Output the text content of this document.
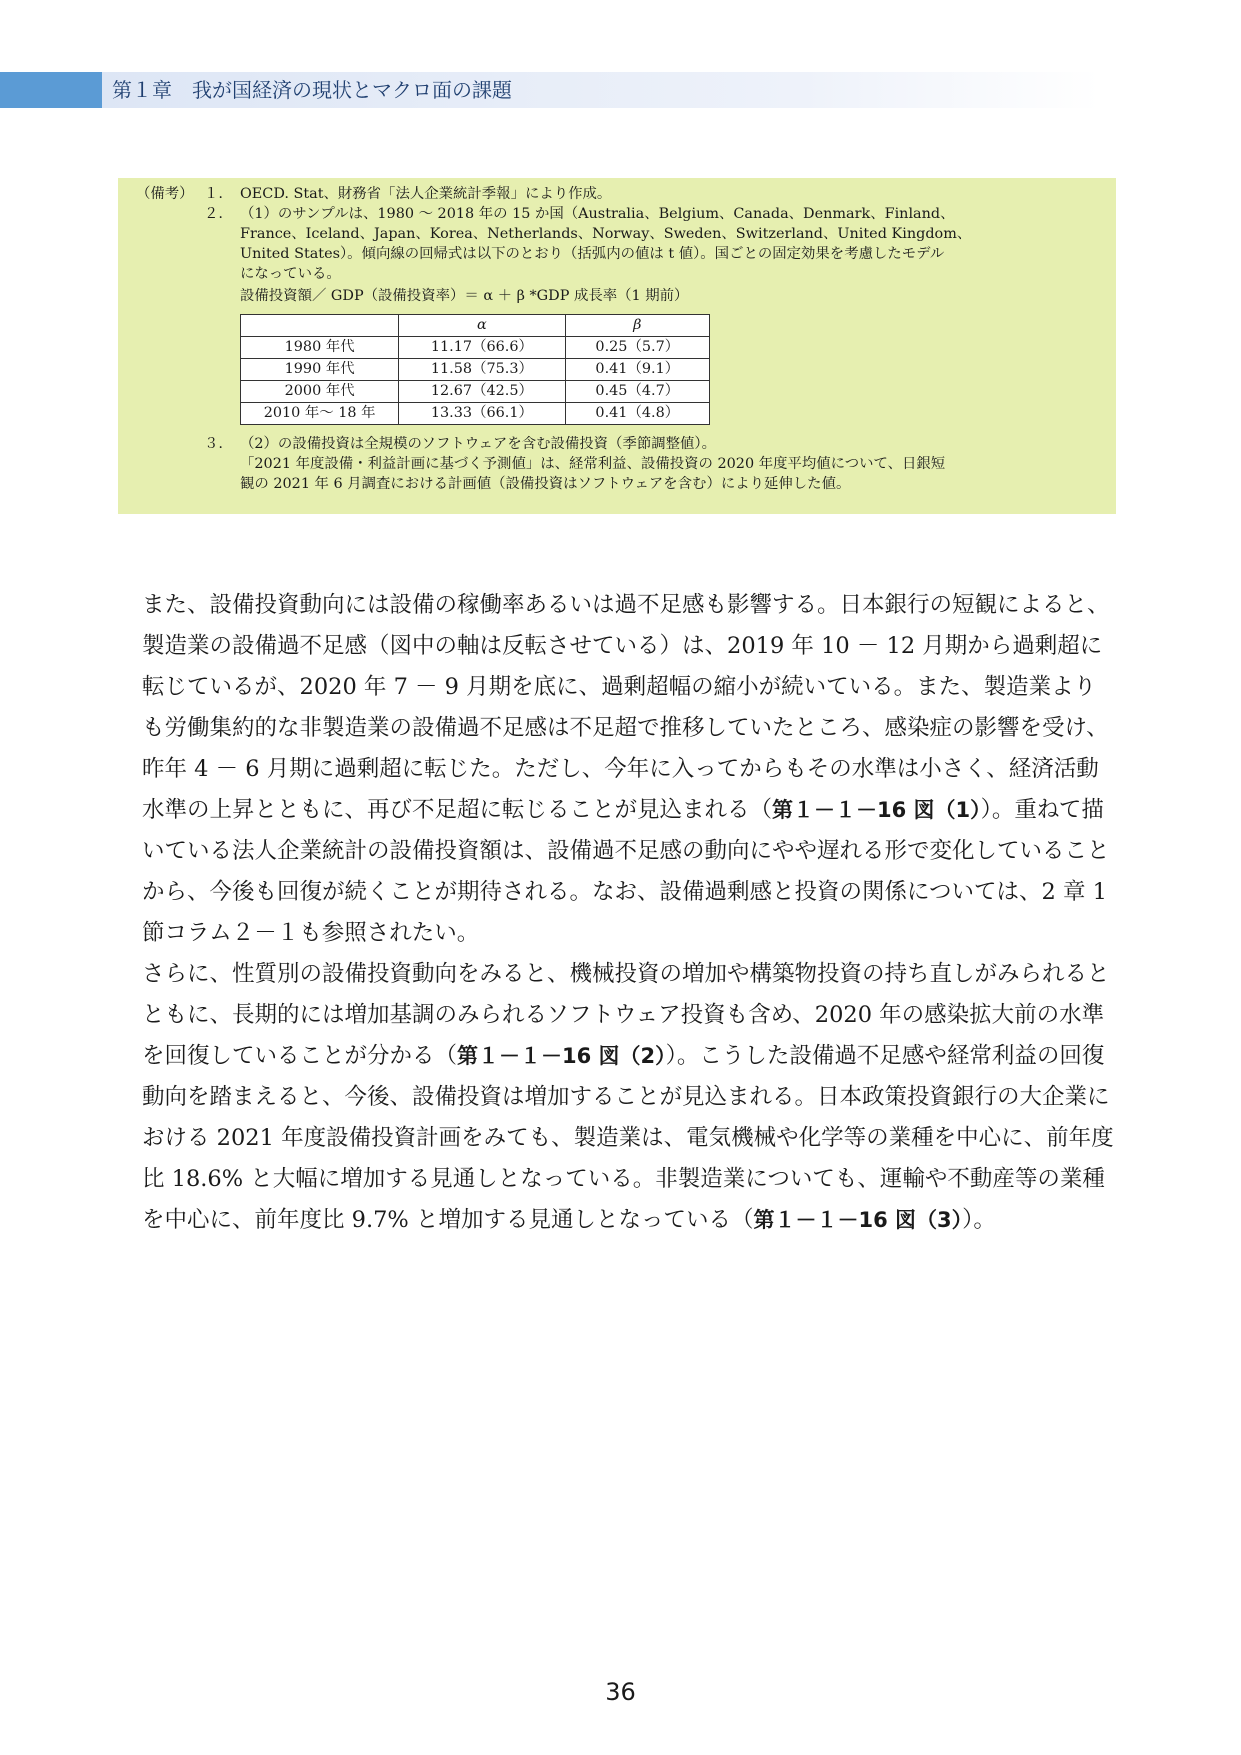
第１章　我が国経済の現状とマクロ面の課題
（備考） １. OECD. Stat、財務省「法人企業統計季報」により作成。
２. （1）のサンプルは、1980 ～ 2018 年の 15 か国（Australia、Belgium、Canada、Denmark、Finland、
France、Iceland、Japan、Korea、Netherlands、Norway、Sweden、Switzerland、United Kingdom、
United States）。傾向線の回帰式は以下のとおり（括弧内の値は t 値）。国ごとの固定効果を考慮したモデル
になっている。
設備投資額／ GDP（設備投資率）＝ α ＋ β *GDP 成長率（1 期前）
	α	β
1980 年代	11.17（66.6）	0.25（5.7）
1990 年代	11.58（75.3）	0.41（9.1）
2000 年代	12.67（42.5）	0.45（4.7）
2010 年～ 18 年	13.33（66.1）	0.41（4.8）
３. （2）の設備投資は全規模のソフトウェアを含む設備投資（季節調整値）。
「2021 年度設備・利益計画に基づく予測値」は、経常利益、設備投資の 2020 年度平均値について、日銀短
観の 2021 年 6 月調査における計画値（設備投資はソフトウェアを含む）により延伸した値。

また、設備投資動向には設備の稼働率あるいは過不足感も影響する。日本銀行の短観によると、製造業の設備過不足感（図中の軸は反転させている）は、2019 年 10 － 12 月期から過剰超に転じているが、2020 年 7 － 9 月期を底に、過剰超幅の縮小が続いている。また、製造業よりも労働集約的な非製造業の設備過不足感は不足超で推移していたところ、感染症の影響を受け、昨年 4 － 6 月期に過剰超に転じた。ただし、今年に入ってからもその水準は小さく、経済活動水準の上昇とともに、再び不足超に転じることが見込まれる（第１－１－16 図（1））。重ねて描いている法人企業統計の設備投資額は、設備過不足感の動向にやや遅れる形で変化していることから、今後も回復が続くことが期待される。なお、設備過剰感と投資の関係については、2 章 1 節コラム２－１も参照されたい。

さらに、性質別の設備投資動向をみると、機械投資の増加や構築物投資の持ち直しがみられるとともに、長期的には増加基調のみられるソフトウェア投資も含め、2020 年の感染拡大前の水準を回復していることが分かる（第１－１－16 図（2））。こうした設備過不足感や経常利益の回復動向を踏まえると、今後、設備投資は増加することが見込まれる。日本政策投資銀行の大企業における 2021 年度設備投資計画をみても、製造業は、電気機械や化学等の業種を中心に、前年度比 18.6% と大幅に増加する見通しとなっている。非製造業についても、運輸や不動産等の業種を中心に、前年度比 9.7% と増加する見通しとなっている（第１－１－16 図（3））。

36
